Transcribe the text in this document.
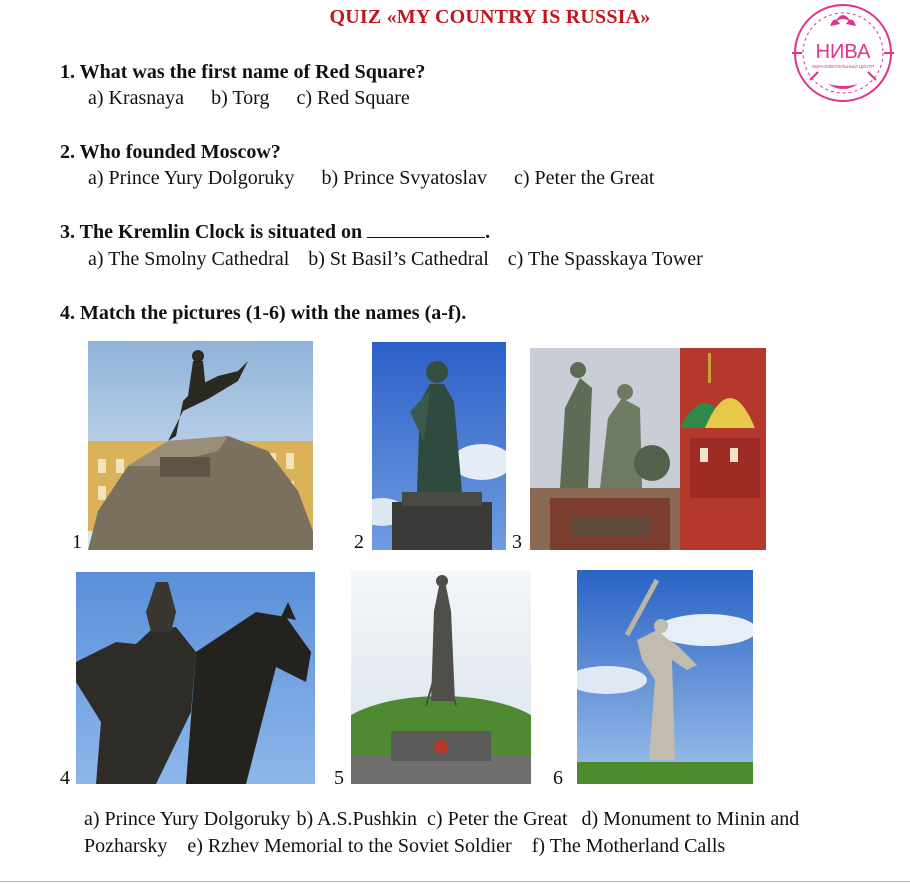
QUIZ «MY COUNTRY IS RUSSIA»
НИВА
ОБРАЗОВАТЕЛЬНЫЙ ЦЕНТР
1. What was the first name of Red Square?
a) Krasnaya b) Torg c) Red Square
2. Who founded Moscow?
a) Prince Yury Dolgoruky b) Prince Svyatoslav c) Peter the Great
3. The Kremlin Clock is situated on	.
a) The Smolny Cathedral b) St Basil’s Cathedral c) The Spasskaya Tower
4. Match the pictures (1-6) with the names (a-f).
1	2	3
4	5	6
a) Prince Yury Dolgoruky b) A.S.Pushkin c) Peter the Great d) Monument to Minin and Pozharsky e) Rzhev Memorial to the Soviet Soldier f) The Motherland Calls
